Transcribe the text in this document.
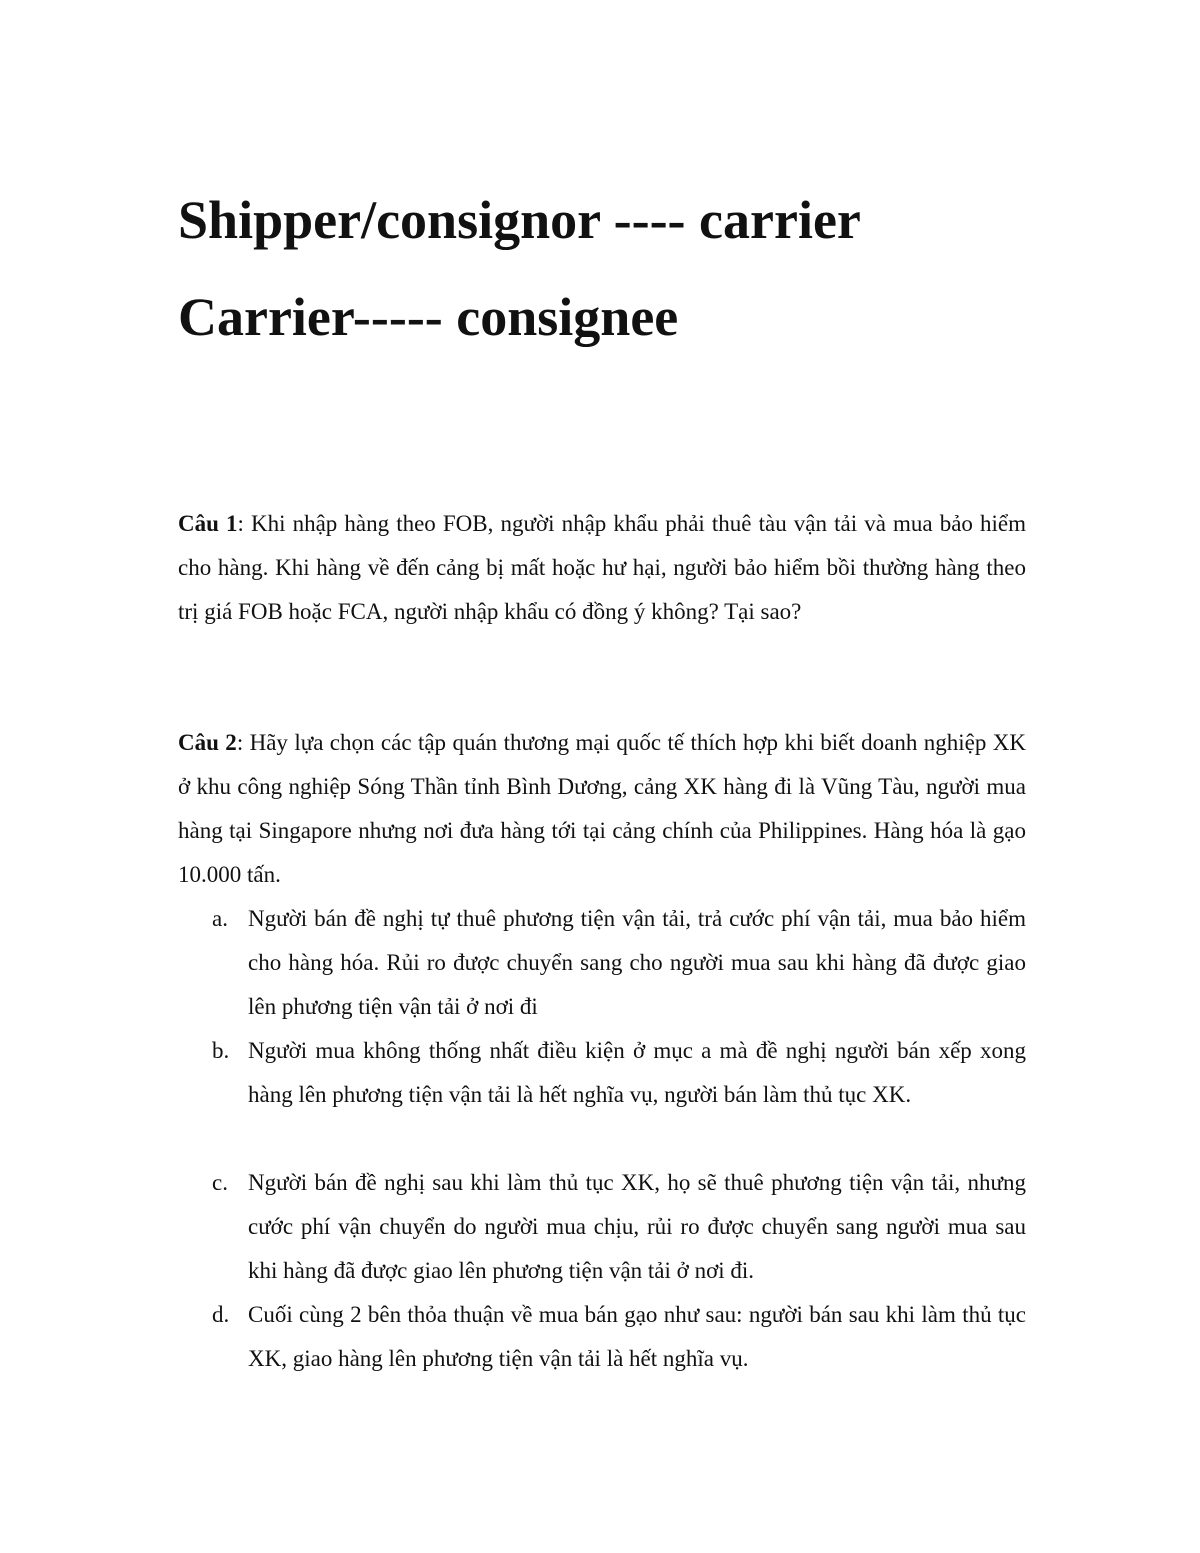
Shipper/consignor ---- carrier
Carrier----- consignee

Câu 1: Khi nhập hàng theo FOB, người nhập khẩu phải thuê tàu vận tải và mua bảo hiểm cho hàng. Khi hàng về đến cảng bị mất hoặc hư hại, người bảo hiểm bồi thường hàng theo trị giá FOB hoặc FCA, người nhập khẩu có đồng ý không? Tại sao?

Câu 2: Hãy lựa chọn các tập quán thương mại quốc tế thích hợp khi biết doanh nghiệp XK ở khu công nghiệp Sóng Thần tỉnh Bình Dương, cảng XK hàng đi là Vũng Tàu, người mua hàng tại Singapore nhưng nơi đưa hàng tới tại cảng chính của Philippines. Hàng hóa là gạo 10.000 tấn.

a. Người bán đề nghị tự thuê phương tiện vận tải, trả cước phí vận tải, mua bảo hiểm cho hàng hóa. Rủi ro được chuyển sang cho người mua sau khi hàng đã được giao lên phương tiện vận tải ở nơi đi
b. Người mua không thống nhất điều kiện ở mục a mà đề nghị người bán xếp xong hàng lên phương tiện vận tải là hết nghĩa vụ, người bán làm thủ tục XK.
c. Người bán đề nghị sau khi làm thủ tục XK, họ sẽ thuê phương tiện vận tải, nhưng cước phí vận chuyển do người mua chịu, rủi ro được chuyển sang người mua sau khi hàng đã được giao lên phương tiện vận tải ở nơi đi.
d. Cuối cùng 2 bên thỏa thuận về mua bán gạo như sau: người bán sau khi làm thủ tục XK, giao hàng lên phương tiện vận tải là hết nghĩa vụ.
